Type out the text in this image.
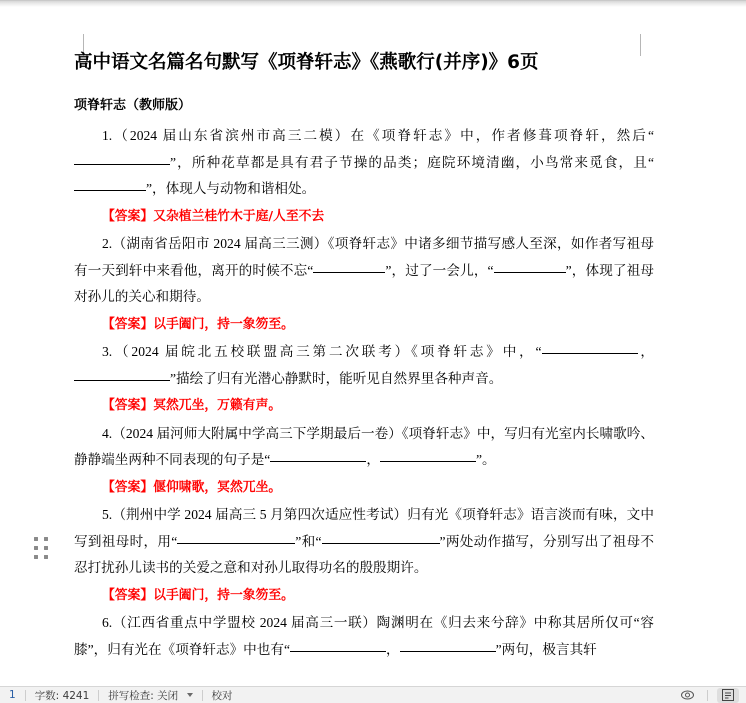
高中语文名篇名句默写《项脊轩志》《燕歌行(并序)》6页
项脊轩志（教师版）

1.（2024 届山东省滨州市高三二模）在《项脊轩志》中，作者修葺项脊轩，然后“”，所种花草都是具有君子节操的品类；庭院环境清幽，小鸟常来觅食，且“”，体现人与动物和谐相处。

【答案】又杂植兰桂竹木于庭/人至不去

2.（湖南省岳阳市 2024 届高三三测）《项脊轩志》中诸多细节描写感人至深，如作者写祖母有一天到轩中来看他，离开的时候不忘“	”，过了一会儿，“	”，体现了祖母对孙儿的关心和期待。

【答案】以手阖门，持一象笏至。

3.（2024 届皖北五校联盟高三第二次联考）《项脊轩志》中，“	，”描绘了归有光潜心静默时，能听见自然界里各种声音。

【答案】冥然兀坐，万籁有声。

4.（2024 届河师大附属中学高三下学期最后一卷）《项脊轩志》中，写归有光室内长啸歌吟、静静端坐两种不同表现的句子是“	，	”。

【答案】偃仰啸歌，冥然兀坐。

5.（荆州中学 2024 届高三 5 月第四次适应性考试）归有光《项脊轩志》语言淡而有味，文中写到祖母时，用“	”和“	”两处动作描写，分别写出了祖母不忍打扰孙儿读书的关爱之意和对孙儿取得功名的殷殷期许。

【答案】以手阖门，持一象笏至。

6.（江西省重点中学盟校 2024 届高三一联）陶渊明在《归去来兮辞》中称其居所仅可“容膝”，归有光在《项脊轩志》中也有“	，	”两句，极言其轩

1 字数: 4241 拼写检查: 关闭	校对
